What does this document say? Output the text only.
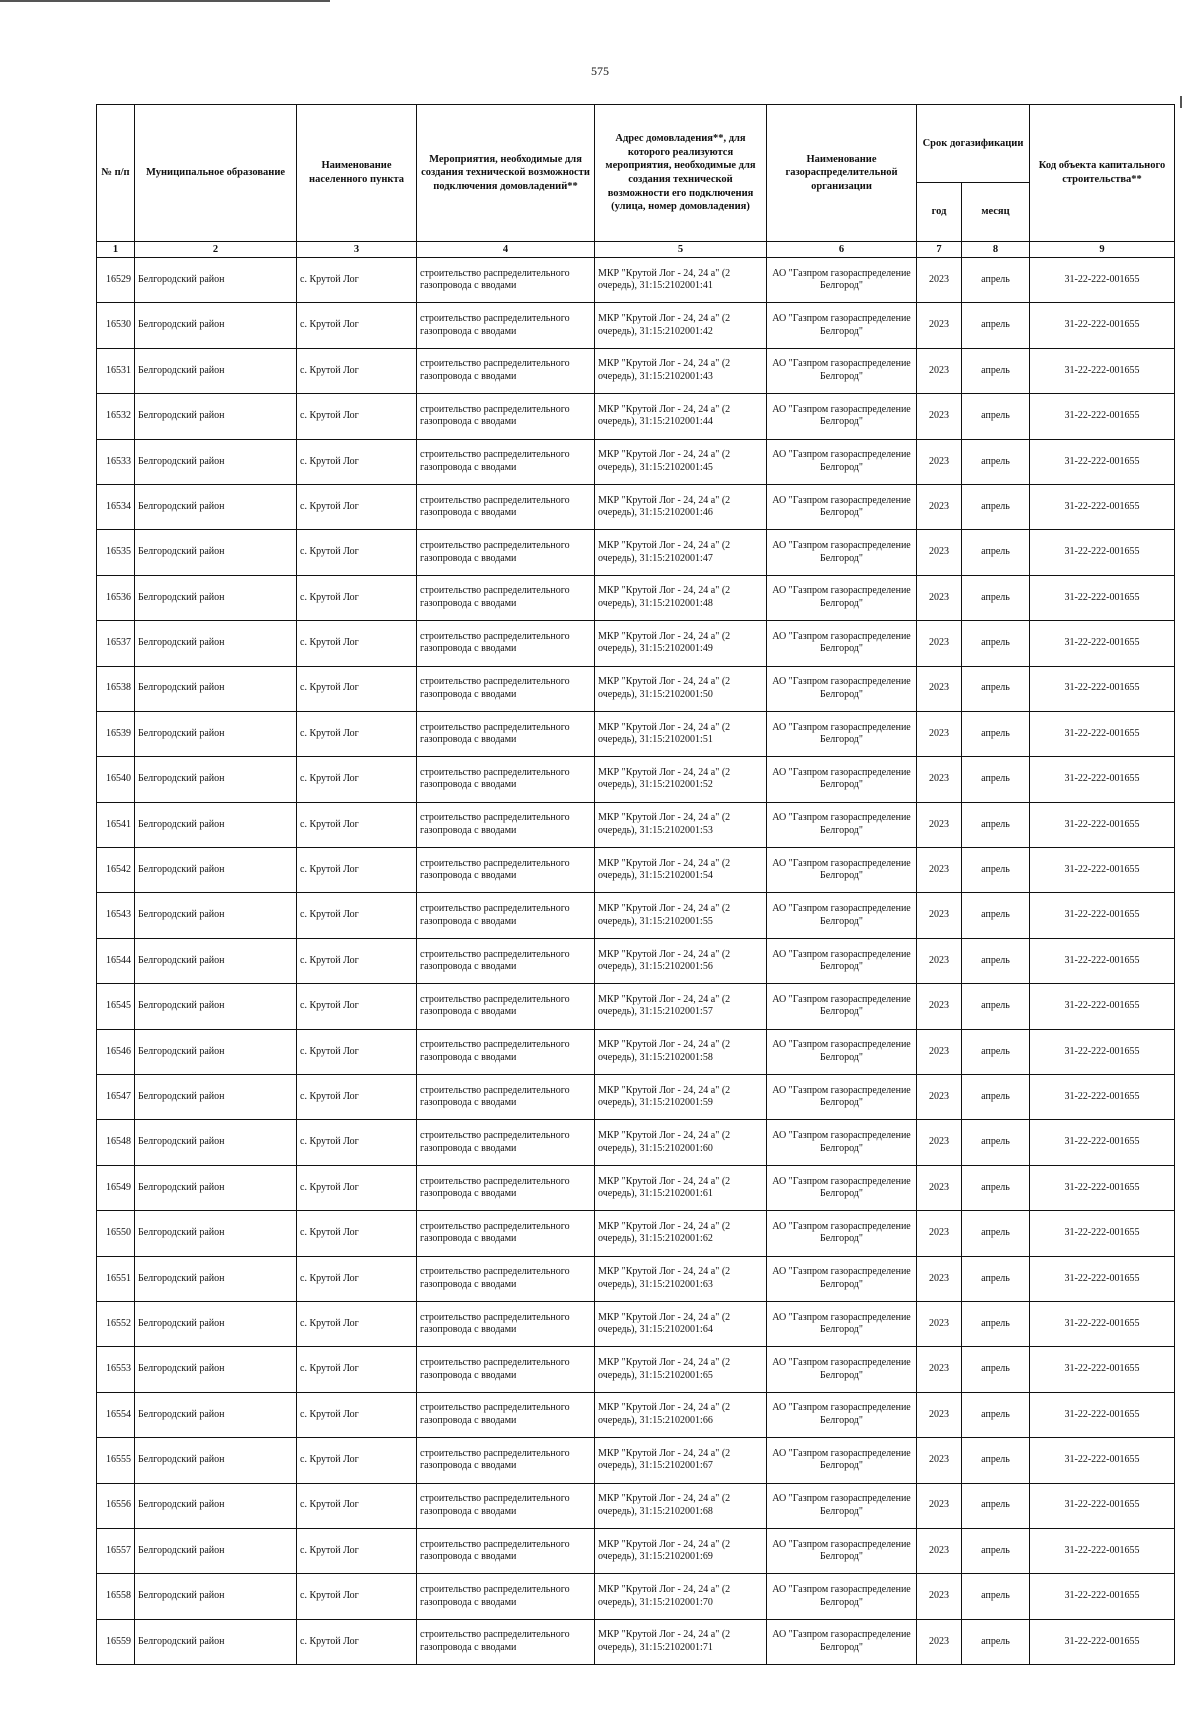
575
№ п/п	Муниципальное образование	Наименование населенного пункта	Мероприятия, необходимые для создания технической возможности подключения домовладений**	Адрес домовладения**, для которого реализуются мероприятия, необходимые для создания технической возможности его подключения (улица, номер домовладения)	Наименование газораспределительной организации	Срок догазификации		Код объекта капитального строительства**
						год	месяц	
1	2	3	4	5	6	7	8	9
16529	Белгородский район	с. Крутой Лог	строительство распределительного газопровода с вводами	МКР "Крутой Лог - 24, 24 а" (2 очередь), 31:15:2102001:41	АО "Газпром газораспределение Белгород"	2023	апрель	31-22-222-001655
16530	Белгородский район	с. Крутой Лог	строительство распределительного газопровода с вводами	МКР "Крутой Лог - 24, 24 а" (2 очередь), 31:15:2102001:42	АО "Газпром газораспределение Белгород"	2023	апрель	31-22-222-001655
16531	Белгородский район	с. Крутой Лог	строительство распределительного газопровода с вводами	МКР "Крутой Лог - 24, 24 а" (2 очередь), 31:15:2102001:43	АО "Газпром газораспределение Белгород"	2023	апрель	31-22-222-001655
16532	Белгородский район	с. Крутой Лог	строительство распределительного газопровода с вводами	МКР "Крутой Лог - 24, 24 а" (2 очередь), 31:15:2102001:44	АО "Газпром газораспределение Белгород"	2023	апрель	31-22-222-001655
16533	Белгородский район	с. Крутой Лог	строительство распределительного газопровода с вводами	МКР "Крутой Лог - 24, 24 а" (2 очередь), 31:15:2102001:45	АО "Газпром газораспределение Белгород"	2023	апрель	31-22-222-001655
16534	Белгородский район	с. Крутой Лог	строительство распределительного газопровода с вводами	МКР "Крутой Лог - 24, 24 а" (2 очередь), 31:15:2102001:46	АО "Газпром газораспределение Белгород"	2023	апрель	31-22-222-001655
16535	Белгородский район	с. Крутой Лог	строительство распределительного газопровода с вводами	МКР "Крутой Лог - 24, 24 а" (2 очередь), 31:15:2102001:47	АО "Газпром газораспределение Белгород"	2023	апрель	31-22-222-001655
16536	Белгородский район	с. Крутой Лог	строительство распределительного газопровода с вводами	МКР "Крутой Лог - 24, 24 а" (2 очередь), 31:15:2102001:48	АО "Газпром газораспределение Белгород"	2023	апрель	31-22-222-001655
16537	Белгородский район	с. Крутой Лог	строительство распределительного газопровода с вводами	МКР "Крутой Лог - 24, 24 а" (2 очередь), 31:15:2102001:49	АО "Газпром газораспределение Белгород"	2023	апрель	31-22-222-001655
16538	Белгородский район	с. Крутой Лог	строительство распределительного газопровода с вводами	МКР "Крутой Лог - 24, 24 а" (2 очередь), 31:15:2102001:50	АО "Газпром газораспределение Белгород"	2023	апрель	31-22-222-001655
16539	Белгородский район	с. Крутой Лог	строительство распределительного газопровода с вводами	МКР "Крутой Лог - 24, 24 а" (2 очередь), 31:15:2102001:51	АО "Газпром газораспределение Белгород"	2023	апрель	31-22-222-001655
16540	Белгородский район	с. Крутой Лог	строительство распределительного газопровода с вводами	МКР "Крутой Лог - 24, 24 а" (2 очередь), 31:15:2102001:52	АО "Газпром газораспределение Белгород"	2023	апрель	31-22-222-001655
16541	Белгородский район	с. Крутой Лог	строительство распределительного газопровода с вводами	МКР "Крутой Лог - 24, 24 а" (2 очередь), 31:15:2102001:53	АО "Газпром газораспределение Белгород"	2023	апрель	31-22-222-001655
16542	Белгородский район	с. Крутой Лог	строительство распределительного газопровода с вводами	МКР "Крутой Лог - 24, 24 а" (2 очередь), 31:15:2102001:54	АО "Газпром газораспределение Белгород"	2023	апрель	31-22-222-001655
16543	Белгородский район	с. Крутой Лог	строительство распределительного газопровода с вводами	МКР "Крутой Лог - 24, 24 а" (2 очередь), 31:15:2102001:55	АО "Газпром газораспределение Белгород"	2023	апрель	31-22-222-001655
16544	Белгородский район	с. Крутой Лог	строительство распределительного газопровода с вводами	МКР "Крутой Лог - 24, 24 а" (2 очередь), 31:15:2102001:56	АО "Газпром газораспределение Белгород"	2023	апрель	31-22-222-001655
16545	Белгородский район	с. Крутой Лог	строительство распределительного газопровода с вводами	МКР "Крутой Лог - 24, 24 а" (2 очередь), 31:15:2102001:57	АО "Газпром газораспределение Белгород"	2023	апрель	31-22-222-001655
16546	Белгородский район	с. Крутой Лог	строительство распределительного газопровода с вводами	МКР "Крутой Лог - 24, 24 а" (2 очередь), 31:15:2102001:58	АО "Газпром газораспределение Белгород"	2023	апрель	31-22-222-001655
16547	Белгородский район	с. Крутой Лог	строительство распределительного газопровода с вводами	МКР "Крутой Лог - 24, 24 а" (2 очередь), 31:15:2102001:59	АО "Газпром газораспределение Белгород"	2023	апрель	31-22-222-001655
16548	Белгородский район	с. Крутой Лог	строительство распределительного газопровода с вводами	МКР "Крутой Лог - 24, 24 а" (2 очередь), 31:15:2102001:60	АО "Газпром газораспределение Белгород"	2023	апрель	31-22-222-001655
16549	Белгородский район	с. Крутой Лог	строительство распределительного газопровода с вводами	МКР "Крутой Лог - 24, 24 а" (2 очередь), 31:15:2102001:61	АО "Газпром газораспределение Белгород"	2023	апрель	31-22-222-001655
16550	Белгородский район	с. Крутой Лог	строительство распределительного газопровода с вводами	МКР "Крутой Лог - 24, 24 а" (2 очередь), 31:15:2102001:62	АО "Газпром газораспределение Белгород"	2023	апрель	31-22-222-001655
16551	Белгородский район	с. Крутой Лог	строительство распределительного газопровода с вводами	МКР "Крутой Лог - 24, 24 а" (2 очередь), 31:15:2102001:63	АО "Газпром газораспределение Белгород"	2023	апрель	31-22-222-001655
16552	Белгородский район	с. Крутой Лог	строительство распределительного газопровода с вводами	МКР "Крутой Лог - 24, 24 а" (2 очередь), 31:15:2102001:64	АО "Газпром газораспределение Белгород"	2023	апрель	31-22-222-001655
16553	Белгородский район	с. Крутой Лог	строительство распределительного газопровода с вводами	МКР "Крутой Лог - 24, 24 а" (2 очередь), 31:15:2102001:65	АО "Газпром газораспределение Белгород"	2023	апрель	31-22-222-001655
16554	Белгородский район	с. Крутой Лог	строительство распределительного газопровода с вводами	МКР "Крутой Лог - 24, 24 а" (2 очередь), 31:15:2102001:66	АО "Газпром газораспределение Белгород"	2023	апрель	31-22-222-001655
16555	Белгородский район	с. Крутой Лог	строительство распределительного газопровода с вводами	МКР "Крутой Лог - 24, 24 а" (2 очередь), 31:15:2102001:67	АО "Газпром газораспределение Белгород"	2023	апрель	31-22-222-001655
16556	Белгородский район	с. Крутой Лог	строительство распределительного газопровода с вводами	МКР "Крутой Лог - 24, 24 а" (2 очередь), 31:15:2102001:68	АО "Газпром газораспределение Белгород"	2023	апрель	31-22-222-001655
16557	Белгородский район	с. Крутой Лог	строительство распределительного газопровода с вводами	МКР "Крутой Лог - 24, 24 а" (2 очередь), 31:15:2102001:69	АО "Газпром газораспределение Белгород"	2023	апрель	31-22-222-001655
16558	Белгородский район	с. Крутой Лог	строительство распределительного газопровода с вводами	МКР "Крутой Лог - 24, 24 а" (2 очередь), 31:15:2102001:70	АО "Газпром газораспределение Белгород"	2023	апрель	31-22-222-001655
16559	Белгородский район	с. Крутой Лог	строительство распределительного газопровода с вводами	МКР "Крутой Лог - 24, 24 а" (2 очередь), 31:15:2102001:71	АО "Газпром газораспределение Белгород"	2023	апрель	31-22-222-001655
